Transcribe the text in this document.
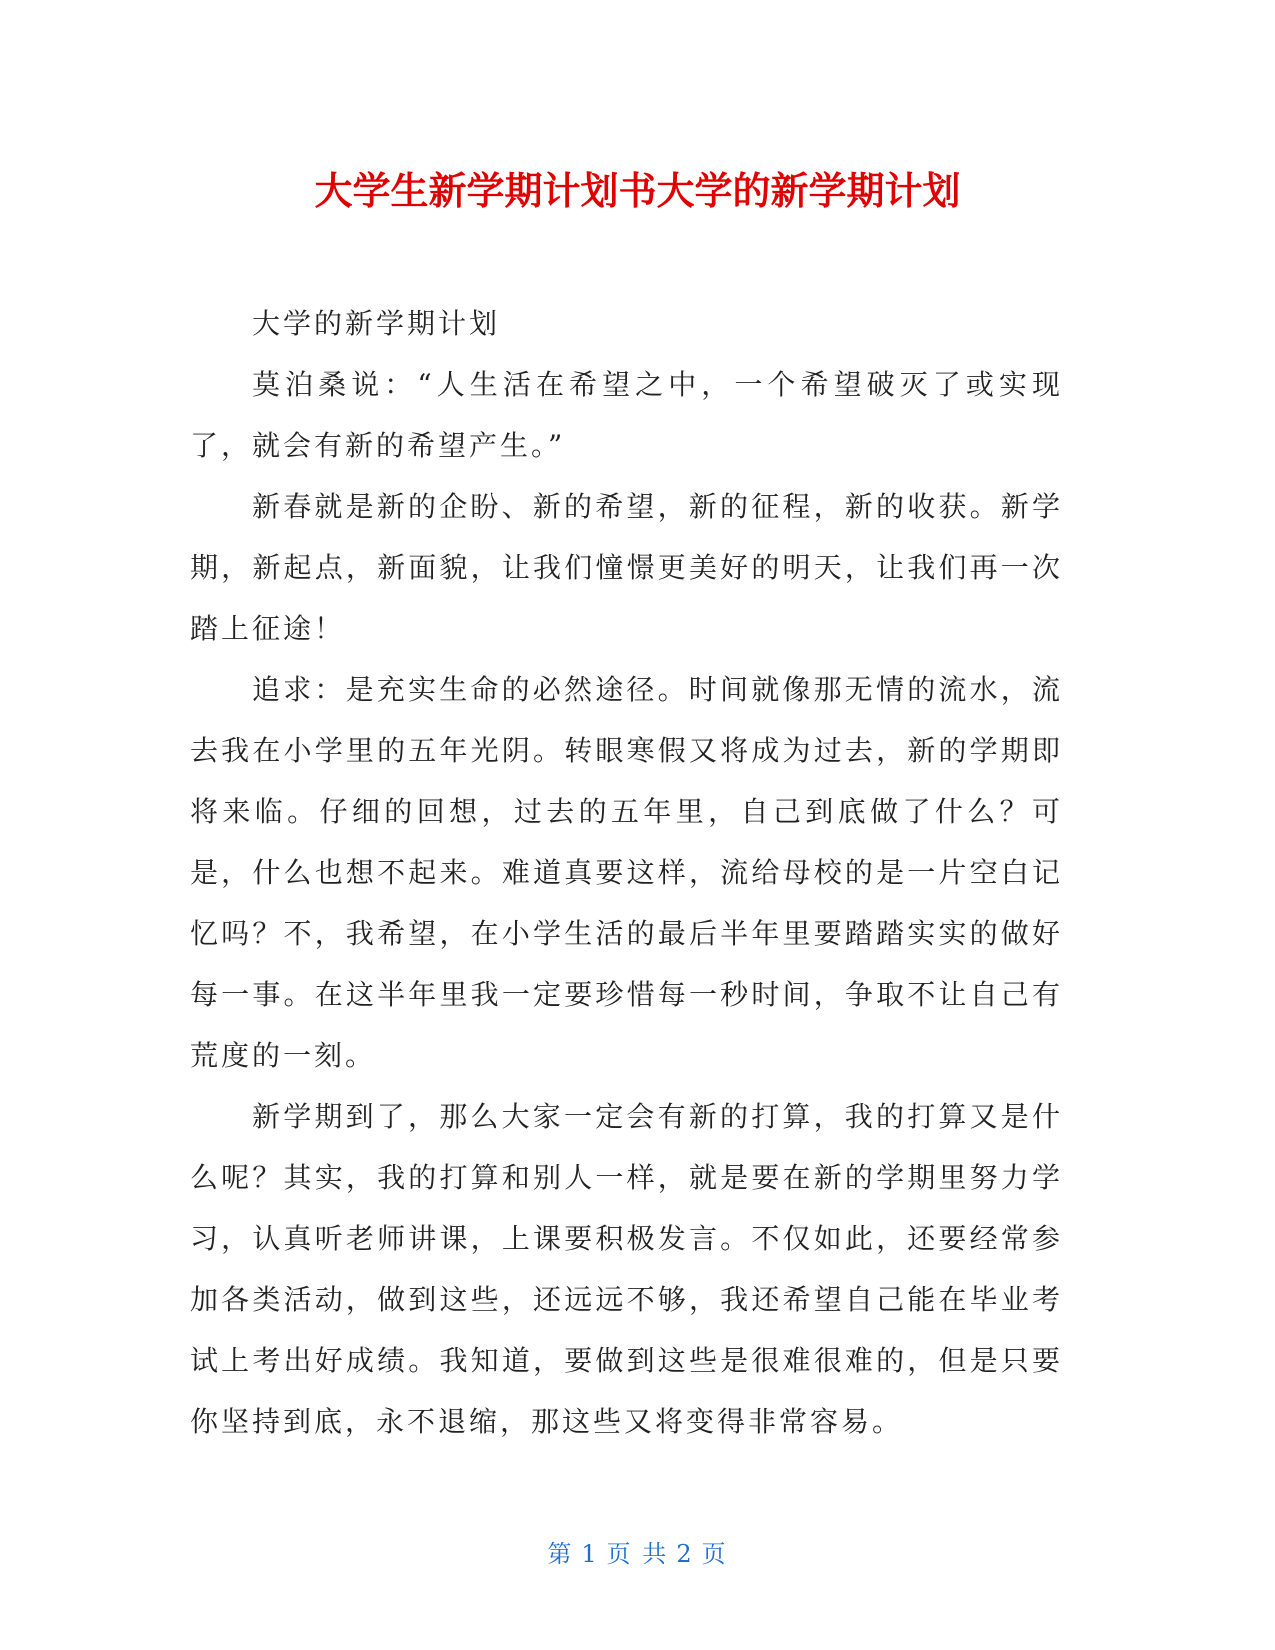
大学生新学期计划书大学的新学期计划

大学的新学期计划

莫泊桑说：“人生活在希望之中，一个希望破灭了或实现了，就会有新的希望产生。”

新春就是新的企盼、新的希望，新的征程，新的收获。新学期，新起点，新面貌，让我们憧憬更美好的明天，让我们再一次踏上征途！

追求：是充实生命的必然途径。时间就像那无情的流水，流去我在小学里的五年光阴。转眼寒假又将成为过去，新的学期即将来临。仔细的回想，过去的五年里，自己到底做了什么？可是，什么也想不起来。难道真要这样，流给母校的是一片空白记忆吗？不，我希望，在小学生活的最后半年里要踏踏实实的做好每一事。在这半年里我一定要珍惜每一秒时间，争取不让自己有荒度的一刻。

新学期到了，那么大家一定会有新的打算，我的打算又是什么呢？其实，我的打算和别人一样，就是要在新的学期里努力学习，认真听老师讲课，上课要积极发言。不仅如此，还要经常参加各类活动，做到这些，还远远不够，我还希望自己能在毕业考试上考出好成绩。我知道，要做到这些是很难很难的，但是只要你坚持到底，永不退缩，那这些又将变得非常容易。

第 1 页 共 2 页
